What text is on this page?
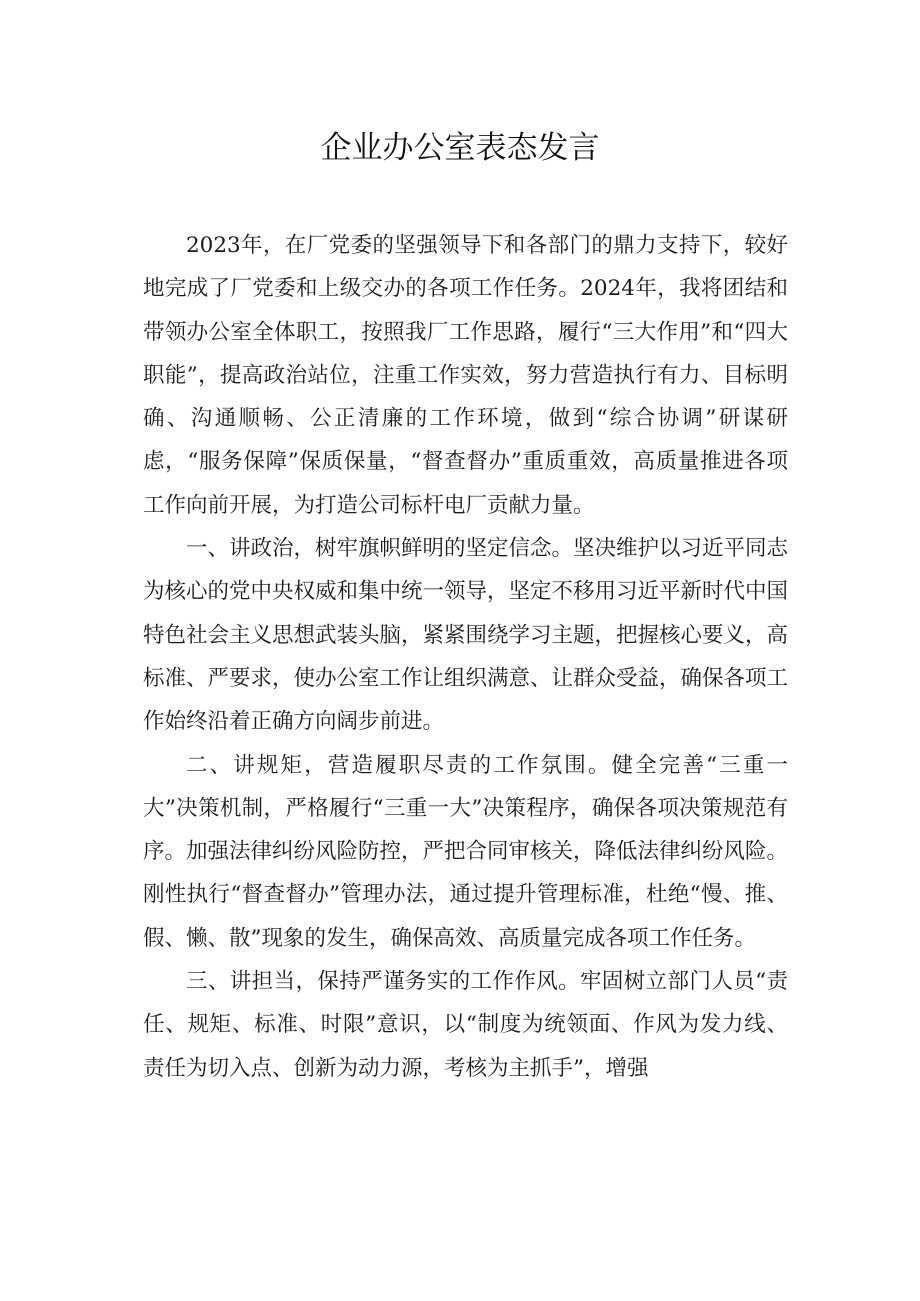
企业办公室表态发言

2023年，在厂党委的坚强领导下和各部门的鼎力支持下，较好地完成了厂党委和上级交办的各项工作任务。2024年，我将团结和带领办公室全体职工，按照我厂工作思路，履行“三大作用”和“四大职能”，提高政治站位，注重工作实效，努力营造执行有力、目标明确、沟通顺畅、公正清廉的工作环境，做到“综合协调”研谋研虑，“服务保障”保质保量，“督查督办”重质重效，高质量推进各项工作向前开展，为打造公司标杆电厂贡献力量。

一、讲政治，树牢旗帜鲜明的坚定信念。坚决维护以习近平同志为核心的党中央权威和集中统一领导，坚定不移用习近平新时代中国特色社会主义思想武装头脑，紧紧围绕学习主题，把握核心要义，高标准、严要求，使办公室工作让组织满意、让群众受益，确保各项工作始终沿着正确方向阔步前进。

二、讲规矩，营造履职尽责的工作氛围。健全完善“三重一大”决策机制，严格履行“三重一大”决策程序，确保各项决策规范有序。加强法律纠纷风险防控，严把合同审核关，降低法律纠纷风险。刚性执行“督查督办”管理办法，通过提升管理标准，杜绝“慢、推、假、懒、散”现象的发生，确保高效、高质量完成各项工作任务。

三、讲担当，保持严谨务实的工作作风。牢固树立部门人员“责任、规矩、标准、时限”意识，以“制度为统领面、作风为发力线、责任为切入点、创新为动力源，考核为主抓手”，增强
